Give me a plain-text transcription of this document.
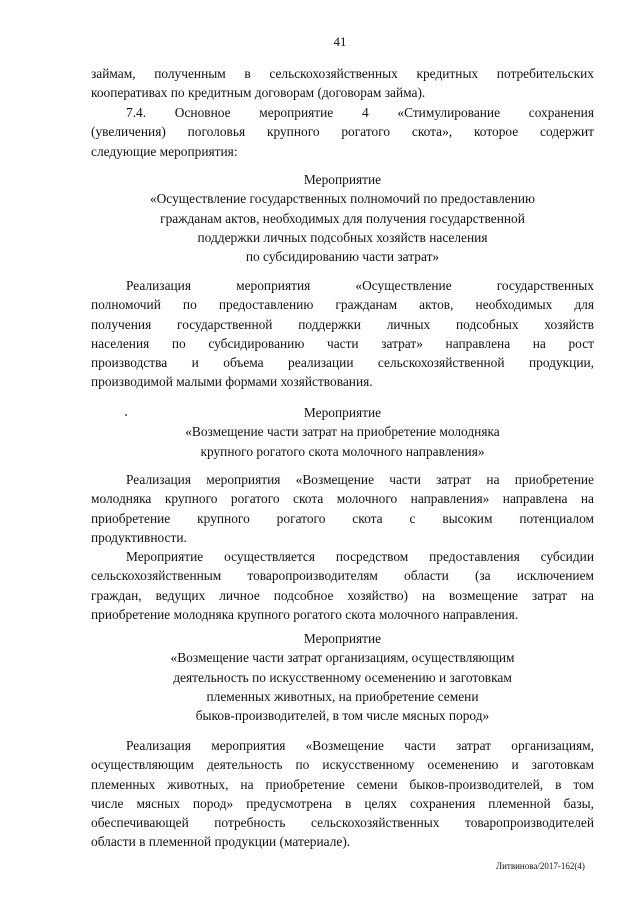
41
займам, полученным в сельскохозяйственных кредитных потребительских
кооперативах по кредитным договорам (договорам займа).
7.4. Основное мероприятие 4 «Стимулирование сохранения
(увеличения) поголовья крупного рогатого скота», которое содержит
следующие мероприятия:
Мероприятие
«Осуществление государственных полномочий по предоставлению
гражданам актов, необходимых для получения государственной
поддержки личных подсобных хозяйств населения
по субсидированию части затрат»
Реализация мероприятия «Осуществление государственных
полномочий по предоставлению гражданам актов, необходимых для
получения государственной поддержки личных подсобных хозяйств
населения по субсидированию части затрат» направлена на рост
производства и объема реализации сельскохозяйственной продукции,
производимой малыми формами хозяйствования.
Мероприятие
«Возмещение части затрат на приобретение молодняка
крупного рогатого скота молочного направления»
Реализация мероприятия «Возмещение части затрат на приобретение
молодняка крупного рогатого скота молочного направления» направлена на
приобретение крупного рогатого скота с высоким потенциалом
продуктивности.
Мероприятие осуществляется посредством предоставления субсидии
сельскохозяйственным товаропроизводителям области (за исключением
граждан, ведущих личное подсобное хозяйство) на возмещение затрат на
приобретение молодняка крупного рогатого скота молочного направления.
Мероприятие
«Возмещение части затрат организациям, осуществляющим
деятельность по искусственному осеменению и заготовкам
племенных животных, на приобретение семени
быков-производителей, в том числе мясных пород»
Реализация мероприятия «Возмещение части затрат организациям,
осуществляющим деятельность по искусственному осеменению и заготовкам
племенных животных, на приобретение семени быков-производителей, в том
числе мясных пород» предусмотрена в целях сохранения племенной базы,
обеспечивающей потребность сельскохозяйственных товаропроизводителей
области в племенной продукции (материале).
Литвинова/2017-162(4)
